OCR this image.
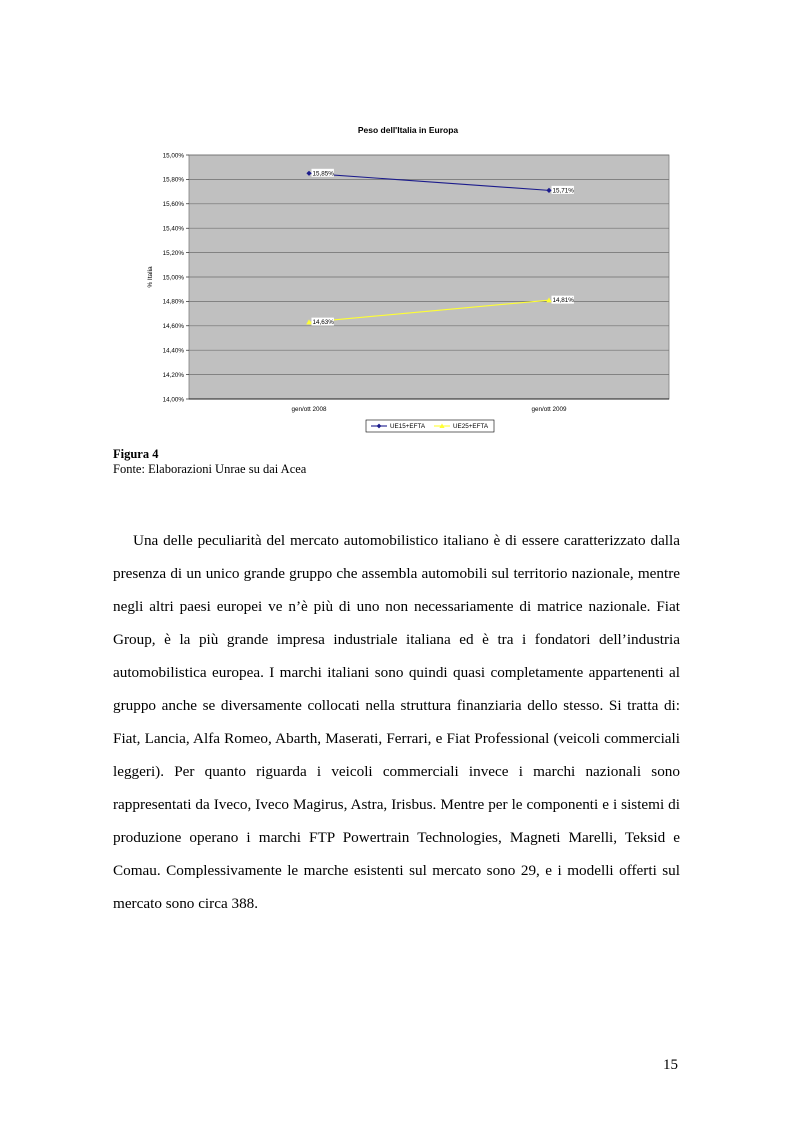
Peso dell'Italia in Europa
14,00%
14,20%
14,40%
14,60%
14,80%
15,00%
15,20%
15,40%
15,60%
15,80%
15,00%
gen/ott 2008	gen/ott 2009
% Italia
15,85%
15,71%
14,63%
14,81%
UE15+EFTA	UE25+EFTA
Figura 4
Fonte: Elaborazioni Unrae su dai Acea

Una delle peculiarità del mercato automobilistico italiano è di essere caratterizzato dalla presenza di un unico grande gruppo che assembla automobili sul territorio nazionale, mentre negli altri paesi europei ve n’è più di uno non necessariamente di matrice nazionale. Fiat Group, è la più grande impresa industriale italiana ed è tra i fondatori dell’industria automobilistica europea. I marchi italiani sono quindi quasi completamente appartenenti al gruppo anche se diversamente collocati nella struttura finanziaria dello stesso. Si tratta di: Fiat, Lancia, Alfa Romeo, Abarth, Maserati, Ferrari, e Fiat Professional (veicoli commerciali leggeri). Per quanto riguarda i veicoli commerciali invece i marchi nazionali sono rappresentati da Iveco, Iveco Magirus, Astra, Irisbus. Mentre per le componenti e i sistemi di produzione operano i marchi FTP Powertrain Technologies, Magneti Marelli, Teksid e Comau. Complessivamente le marche esistenti sul mercato sono 29, e i modelli offerti sul mercato sono circa 388.

15
